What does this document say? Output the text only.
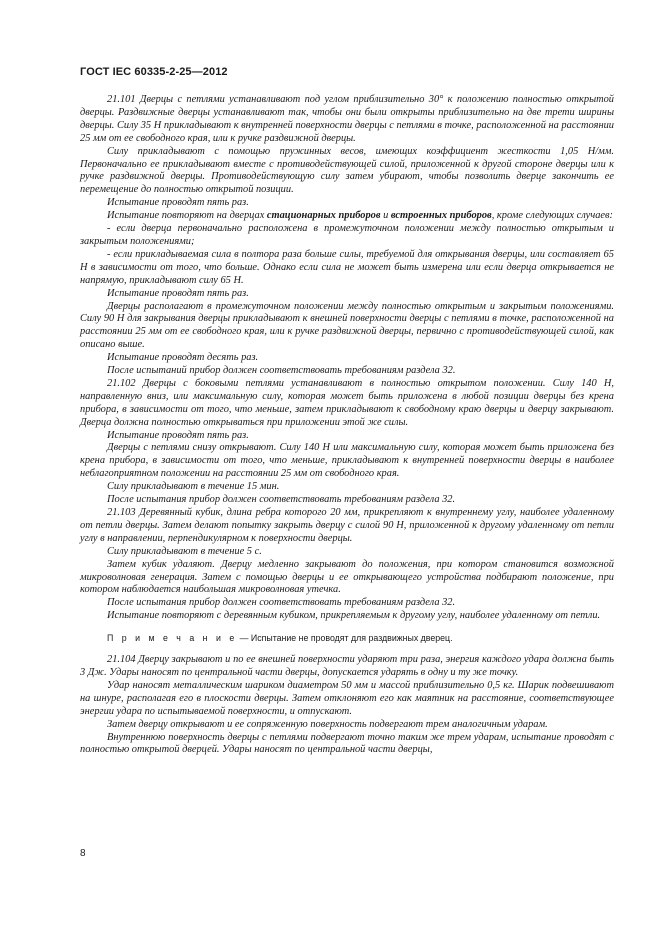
ГОСТ IEC 60335-2-25—2012

21.101 Дверцы с петлями устанавливают под углом приблизительно 30° к положению полностью открытой дверцы. Раздвижные дверцы устанавливают так, чтобы они были открыты приблизительно на две трети ширины дверцы. Силу 35 Н прикладывают к внутренней поверхности дверцы с петлями в точке, расположенной на расстоянии 25 мм от ее свободного края, или к ручке раздвижной дверцы.

Силу прикладывают с помощью пружинных весов, имеющих коэффициент жесткости 1,05 Н/мм. Первоначально ее прикладывают вместе с противодействующей силой, приложенной к другой стороне дверцы или к ручке раздвижной дверцы. Противодействующую силу затем убирают, чтобы позволить дверце закончить ее перемещение до полностью открытой позиции.

Испытание проводят пять раз.

Испытание повторяют на дверцах стационарных приборов и встроенных приборов, кроме следующих случаев:

- если дверца первоначально расположена в промежуточном положении между полностью открытым и закрытым положениями;

- если прикладываемая сила в полтора раза больше силы, требуемой для открывания дверцы, или составляет 65 Н в зависимости от того, что больше. Однако если сила не может быть измерена или если дверца открывается не напрямую, прикладывают силу 65 Н.

Испытание проводят пять раз.

Дверцы располагают в промежуточном положении между полностью открытым и закрытым положениями. Силу 90 Н для закрывания дверцы прикладывают к внешней поверхности дверцы с петлями в точке, расположенной на расстоянии 25 мм от ее свободного края, или к ручке раздвижной дверцы, первично с противодействующей силой, как описано выше.

Испытание проводят десять раз.

После испытаний прибор должен соответствовать требованиям раздела 32.

21.102 Дверцы с боковыми петлями устанавливают в полностью открытом положении. Силу 140 Н, направленную вниз, или максимальную силу, которая может быть приложена в любой позиции дверцы без крена прибора, в зависимости от того, что меньше, затем прикладывают к свободному краю дверцы и дверцу закрывают. Дверца должна полностью открываться при приложении этой же силы.

Испытание проводят пять раз.

Дверцы с петлями снизу открывают. Силу 140 Н или максимальную силу, которая может быть приложена без крена прибора, в зависимости от того, что меньше, прикладывают к внутренней поверхности дверцы в наиболее неблагоприятном положении на расстоянии 25 мм от свободного края.

Силу прикладывают в течение 15 мин.

После испытания прибор должен соответствовать требованиям раздела 32.

21.103 Деревянный кубик, длина ребра которого 20 мм, прикрепляют к внутреннему углу, наиболее удаленному от петли дверцы. Затем делают попытку закрыть дверцу с силой 90 Н, приложенной к другому удаленному от петли углу в направлении, перпендикулярном к поверхности дверцы.

Силу прикладывают в течение 5 с.

Затем кубик удаляют. Дверцу медленно закрывают до положения, при котором становится возможной микроволновая генерация. Затем с помощью дверцы и ее открывающего устройства подбирают положение, при котором наблюдается наибольшая микроволновая утечка.

После испытания прибор должен соответствовать требованиям раздела 32.

Испытание повторяют с деревянным кубиком, прикрепляемым к другому углу, наиболее удаленному от петли.

П р и м е ч а н и е — Испытание не проводят для раздвижных дверец.

21.104 Дверцу закрывают и по ее внешней поверхности ударяют три раза, энергия каждого удара должна быть 3 Дж. Удары наносят по центральной части дверцы, допускается ударять в одну и ту же точку.

Удар наносят металлическим шариком диаметром 50 мм и массой приблизительно 0,5 кг. Шарик подвешивают на шнуре, располагая его в плоскости дверцы. Затем отклоняют его как маятник на расстояние, соответствующее энергии удара по испытываемой поверхности, и отпускают.

Затем дверцу открывают и ее сопряженную поверхность подвергают трем аналогичным ударам.

Внутреннюю поверхность дверцы с петлями подвергают точно таким же трем ударам, испытание проводят с полностью открытой дверцей. Удары наносят по центральной части дверцы,

8
